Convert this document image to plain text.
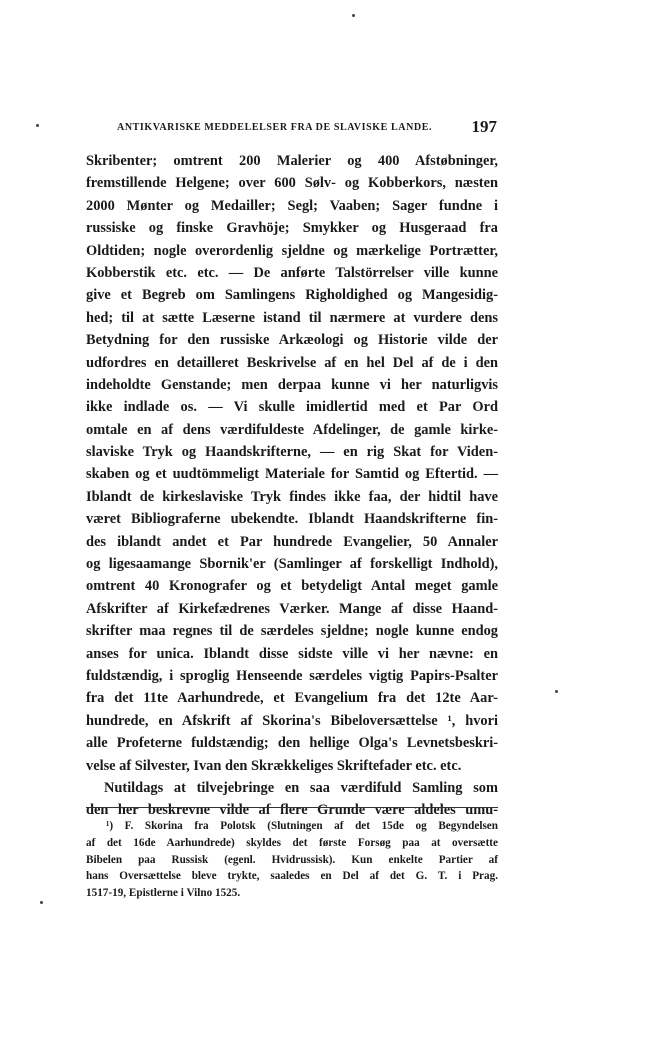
ANTIKVARISKE MEDDELELSER FRA DE SLAVISKE LANDE. 197
Skribenter; omtrent 200 Malerier og 400 Afstøbninger,
fremstillende Helgene; over 600 Sølv- og Kobberkors, næsten
2000 Mønter og Medailler; Segl; Vaaben; Sager fundne i
russiske og finske Gravhöje; Smykker og Husgeraad fra
Oldtiden; nogle overordenlig sjeldne og mærkelige Portrætter,
Kobberstik etc. etc. — De anførte Talstörrelser ville kunne
give et Begreb om Samlingens Righoldighed og Mangesidig-
hed; til at sætte Læserne istand til nærmere at vurdere dens
Betydning for den russiske Arkæologi og Historie vilde der
udfordres en detailleret Beskrivelse af en hel Del af de i den
indeholdte Genstande; men derpaa kunne vi her naturligvis
ikke indlade os. — Vi skulle imidlertid med et Par Ord
omtale en af dens værdifuldeste Afdelinger, de gamle kirke-
slaviske Tryk og Haandskrifterne, — en rig Skat for Viden-
skaben og et uudtömmeligt Materiale for Samtid og Eftertid. —
Iblandt de kirkeslaviske Tryk findes ikke faa, der hidtil have
været Bibliograferne ubekendte. Iblandt Haandskrifterne fin-
des iblandt andet et Par hundrede Evangelier, 50 Annaler
og ligesaamange Sbornik'er (Samlinger af forskelligt Indhold),
omtrent 40 Kronografer og et betydeligt Antal meget gamle
Afskrifter af Kirkefædrenes Værker. Mange af disse Haand-
skrifter maa regnes til de særdeles sjeldne; nogle kunne endog
anses for unica. Iblandt disse sidste ville vi her nævne: en
fuldstændig, i sproglig Henseende særdeles vigtig Papirs-Psalter
fra det 11te Aarhundrede, et Evangelium fra det 12te Aar-
hundrede, en Afskrift af Skorina's Bibeloversættelse ¹, hvori
alle Profeterne fuldstændig; den hellige Olga's Levnetsbeskri-
velse af Silvester, Ivan den Skrækkeliges Skriftefader etc. etc.
Nutildags at tilvejebringe en saa værdifuld Samling som
den her beskrevne vilde af flere Grunde være aldeles umu-
¹) F. Skorina fra Polotsk (Slutningen af det 15de og Begyndelsen
af det 16de Aarhundrede) skyldes det første Forsøg paa at oversætte
Bibelen paa Russisk (egenl. Hvidrussisk). Kun enkelte Partier af
hans Oversættelse bleve trykte, saaledes en Del af det G. T. i Prag.
1517-19, Epistlerne i Vilno 1525.
